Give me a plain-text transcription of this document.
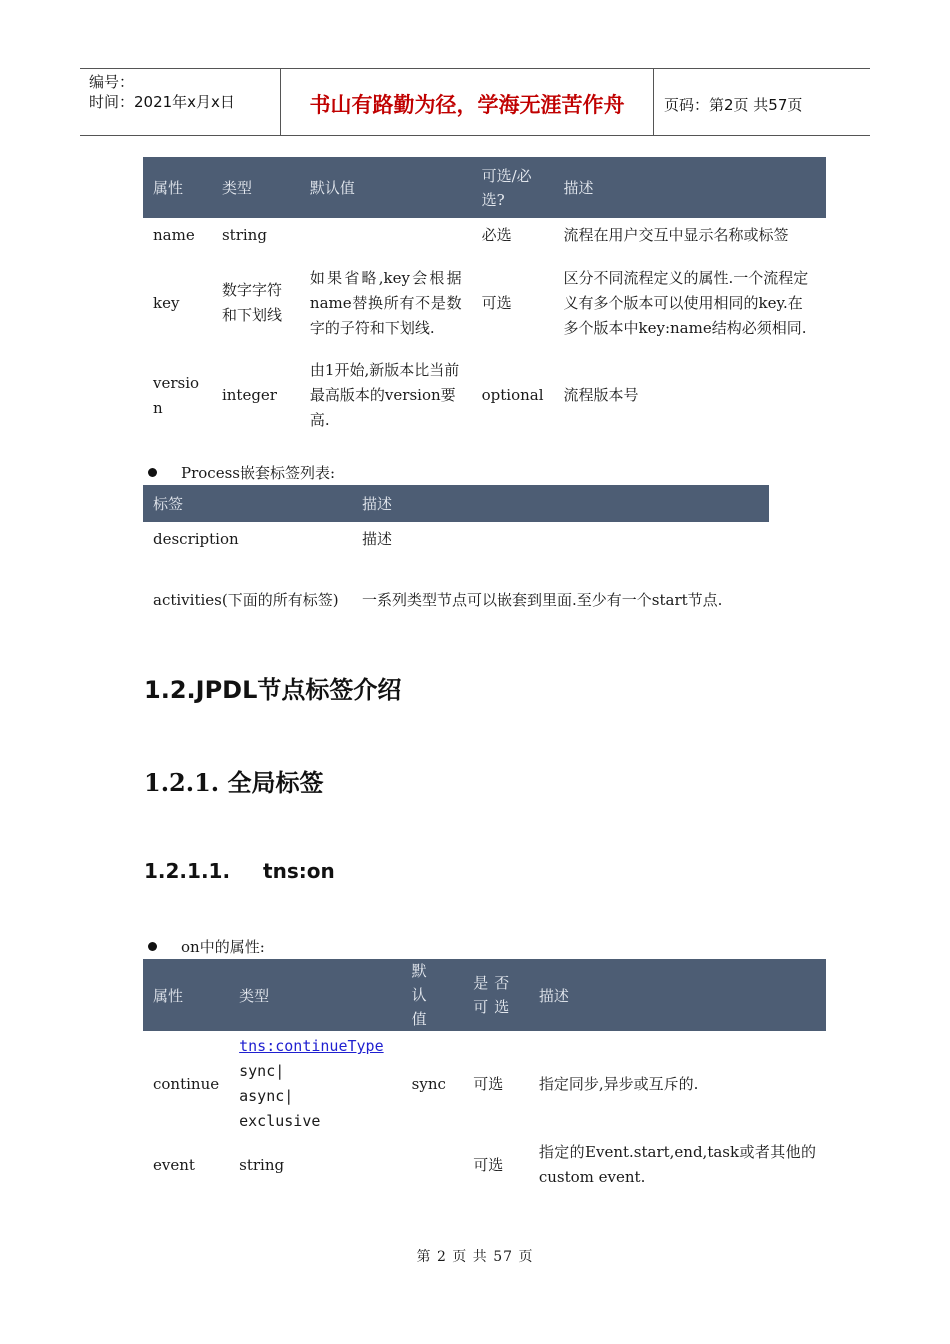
编号：
时间：2021年x月x日	书山有路勤为径，学海无涯苦作舟	页码：第2页 共57页
属性	类型	默认值	可选/必选?	描述
name	string		必选	流程在用户交互中显示名称或标签
key	数字字符和下划线	如果省略,key会根据name替换所有不是数字的子符和下划线.	可选	区分不同流程定义的属性.一个流程定义有多个版本可以使用相同的key.在多个版本中key:name结构必须相同.
version	integer	由1开始,新版本比当前最高版本的version要高.	optional	流程版本号
Process嵌套标签列表:
标签	描述
description	描述
activities(下面的所有标签)	一系列类型节点可以嵌套到里面.至少有一个start节点.
1.2.JPDL节点标签介绍
1.2.1. 全局标签
1.2.1.1. tns:on
on中的属性:
属性	类型	默认值	是否可选	描述
continue	tns:continueType
sync|
async|
exclusive	sync	可选	指定同步,异步或互斥的.
event	string		可选	指定的Event.start,end,task或者其他的custom event.
第 2 页 共 57 页
